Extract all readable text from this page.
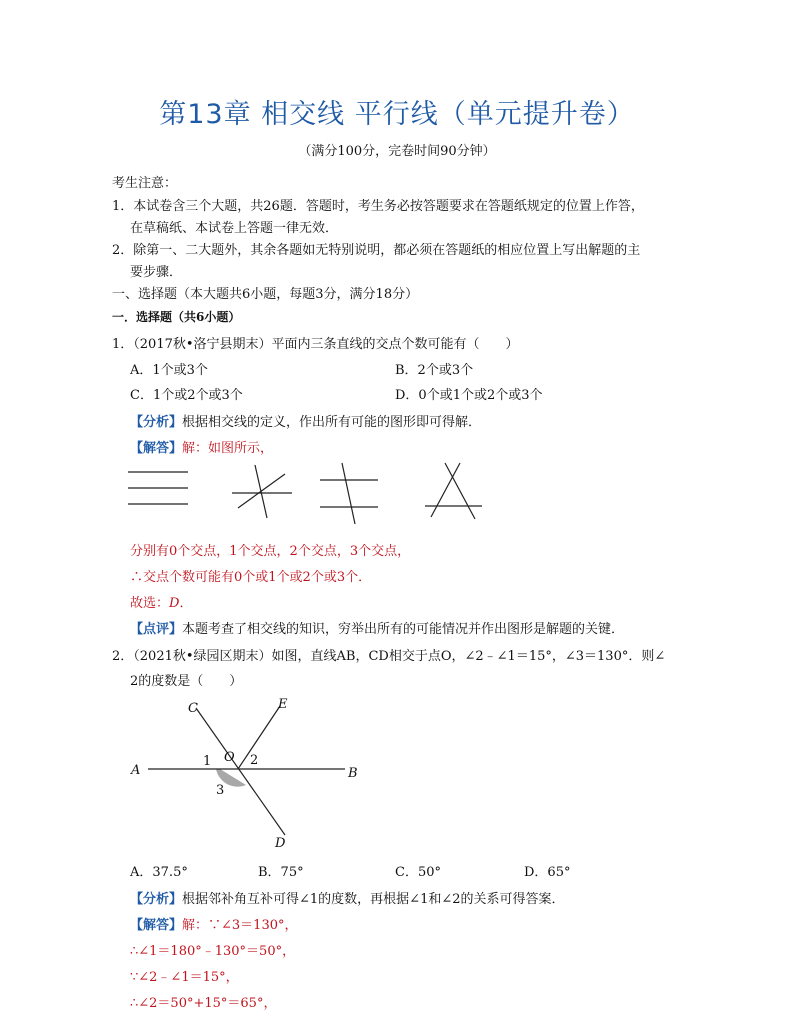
第13章 相交线 平行线（单元提升卷）
（满分100分，完卷时间90分钟）
考生注意：
1．本试卷含三个大题，共26题．答题时，考生务必按答题要求在答题纸规定的位置上作答，
在草稿纸、本试卷上答题一律无效．
2．除第一、二大题外，其余各题如无特别说明，都必须在答题纸的相应位置上写出解题的主
要步骤．
一、选择题（本大题共6小题，每题3分，满分18分）
一．选择题（共6小题）
1．（2017秋•洛宁县期末）平面内三条直线的交点个数可能有（　　）
A．1个或3个	B．2个或3个
C．1个或2个或3个	D．0个或1个或2个或3个
【分析】根据相交线的定义，作出所有可能的图形即可得解．
【解答】解：如图所示，
分别有0个交点，1个交点，2个交点，3个交点，
∴交点个数可能有0个或1个或2个或3个．
故选：D．
【点评】本题考查了相交线的知识，穷举出所有的可能情况并作出图形是解题的关键．
2．（2021秋•绿园区期末）如图，直线AB，CD相交于点O，∠2﹣∠1＝15°，∠3＝130°．则∠
2的度数是（　　）
A	B
C
D
E
O
1	2
3
A．37.5°	B．75°	C．50°	D．65°
【分析】根据邻补角互补可得∠1的度数，再根据∠1和∠2的关系可得答案．
【解答】解：∵∠3＝130°，
∴∠1＝180°﹣130°＝50°，
∵∠2﹣∠1＝15°，
∴∠2＝50°+15°＝65°，
